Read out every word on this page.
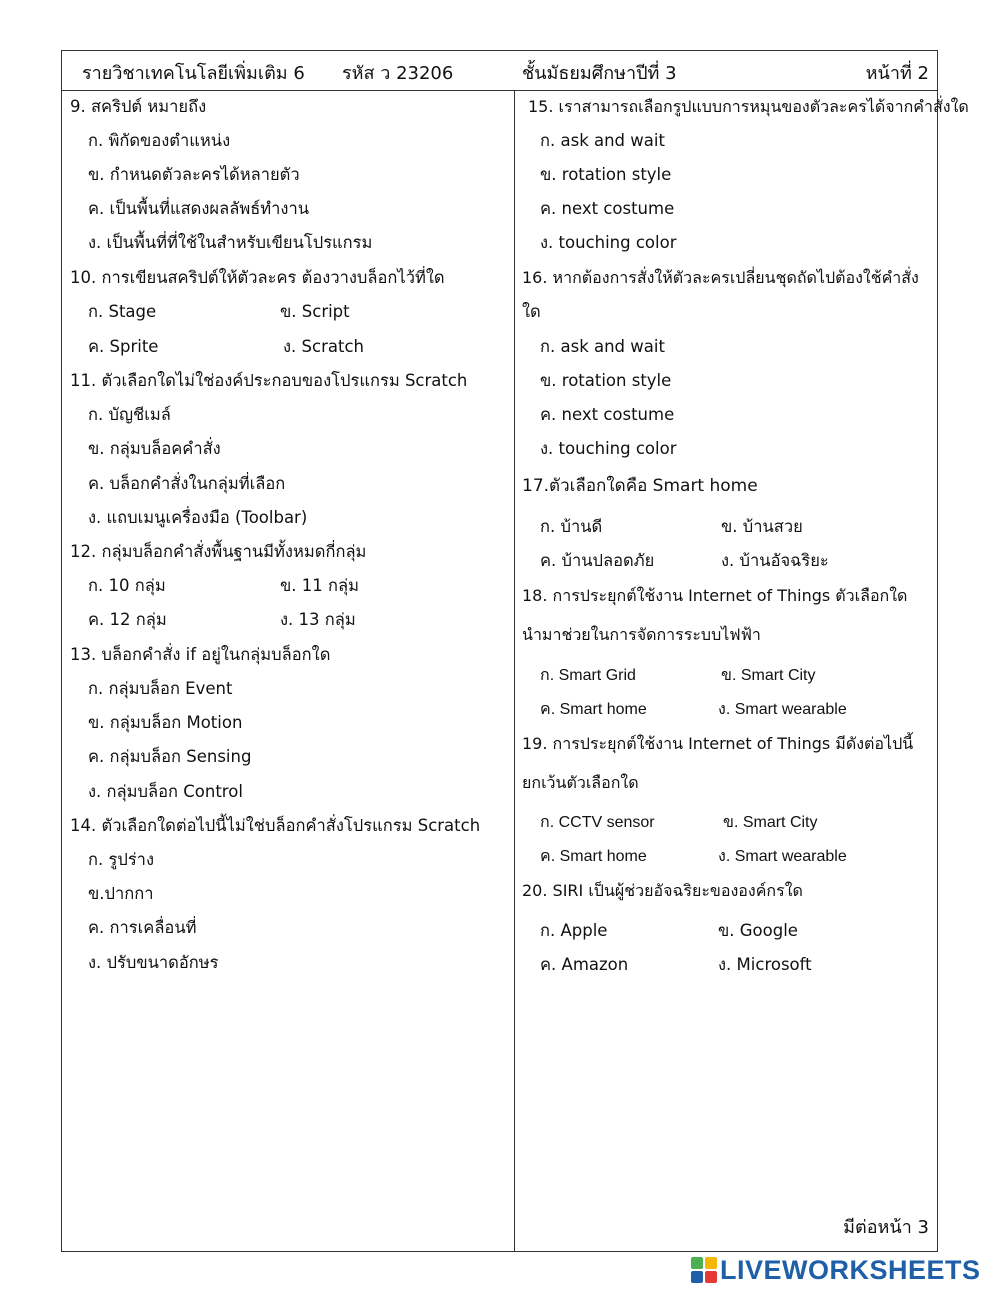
รายวิชาเทคโนโลยีเพิ่มเติม 6 รหัส ว 23206	ชั้นมัธยมศึกษาปีที่ 3	หน้าที่ 2
9. สคริปต์ หมายถึง
ก. พิกัดของตำแหน่ง
ข. กำหนดตัวละครได้หลายตัว
ค. เป็นพื้นที่แสดงผลลัพธ์ทำงาน
ง. เป็นพื้นที่ที่ใช้ในสำหรับเขียนโปรแกรม
10. การเขียนสคริปต์ให้ตัวละคร ต้องวางบล็อกไว้ที่ใด
ก. Stage	ข. Script
ค. Sprite	ง. Scratch
11. ตัวเลือกใดไม่ใช่องค์ประกอบของโปรแกรม Scratch
ก. บัญชีเมล์
ข. กลุ่มบล็อคคำสั่ง
ค. บล็อกคำสั่งในกลุ่มที่เลือก
ง. แถบเมนูเครื่องมือ (Toolbar)
12. กลุ่มบล็อกคำสั่งพื้นฐานมีทั้งหมดกี่กลุ่ม
ก. 10 กลุ่ม	ข. 11 กลุ่ม
ค. 12 กลุ่ม	ง. 13 กลุ่ม
13. บล็อกคำสั่ง if อยู่ในกลุ่มบล็อกใด
ก. กลุ่มบล็อก Event
ข. กลุ่มบล็อก Motion
ค. กลุ่มบล็อก Sensing
ง. กลุ่มบล็อก Control
14. ตัวเลือกใดต่อไปนี้ไม่ใช่บล็อกคำสั่งโปรแกรม Scratch
ก. รูปร่าง
ข.ปากกา
ค. การเคลื่อนที่
ง. ปรับขนาดอักษร
15. เราสามารถเลือกรูปแบบการหมุนของตัวละครได้จากคำสั่งใด
ก. ask and wait
ข. rotation style
ค. next costume
ง. touching color
16. หากต้องการสั่งให้ตัวละครเปลี่ยนชุดถัดไปต้องใช้คำสั่ง
ใด
ก. ask and wait
ข. rotation style
ค. next costume
ง. touching color
17.ตัวเลือกใดคือ Smart home
ก. บ้านดี	ข. บ้านสวย
ค. บ้านปลอดภัย	ง. บ้านอัจฉริยะ
18. การประยุกต์ใช้งาน Internet of Things ตัวเลือกใด
นำมาช่วยในการจัดการระบบไฟฟ้า
ก. Smart Grid	ข. Smart City
ค. Smart home	ง. Smart wearable
19. การประยุกต์ใช้งาน Internet of Things มีดังต่อไปนี้
ยกเว้นตัวเลือกใด
ก. CCTV sensor	ข. Smart City
ค. Smart home	ง. Smart wearable
20. SIRI เป็นผู้ช่วยอัจฉริยะขององค์กรใด
ก. Apple	ข. Google
ค. Amazon	ง. Microsoft
มีต่อหน้า 3
LIVEWORKSHEETS
